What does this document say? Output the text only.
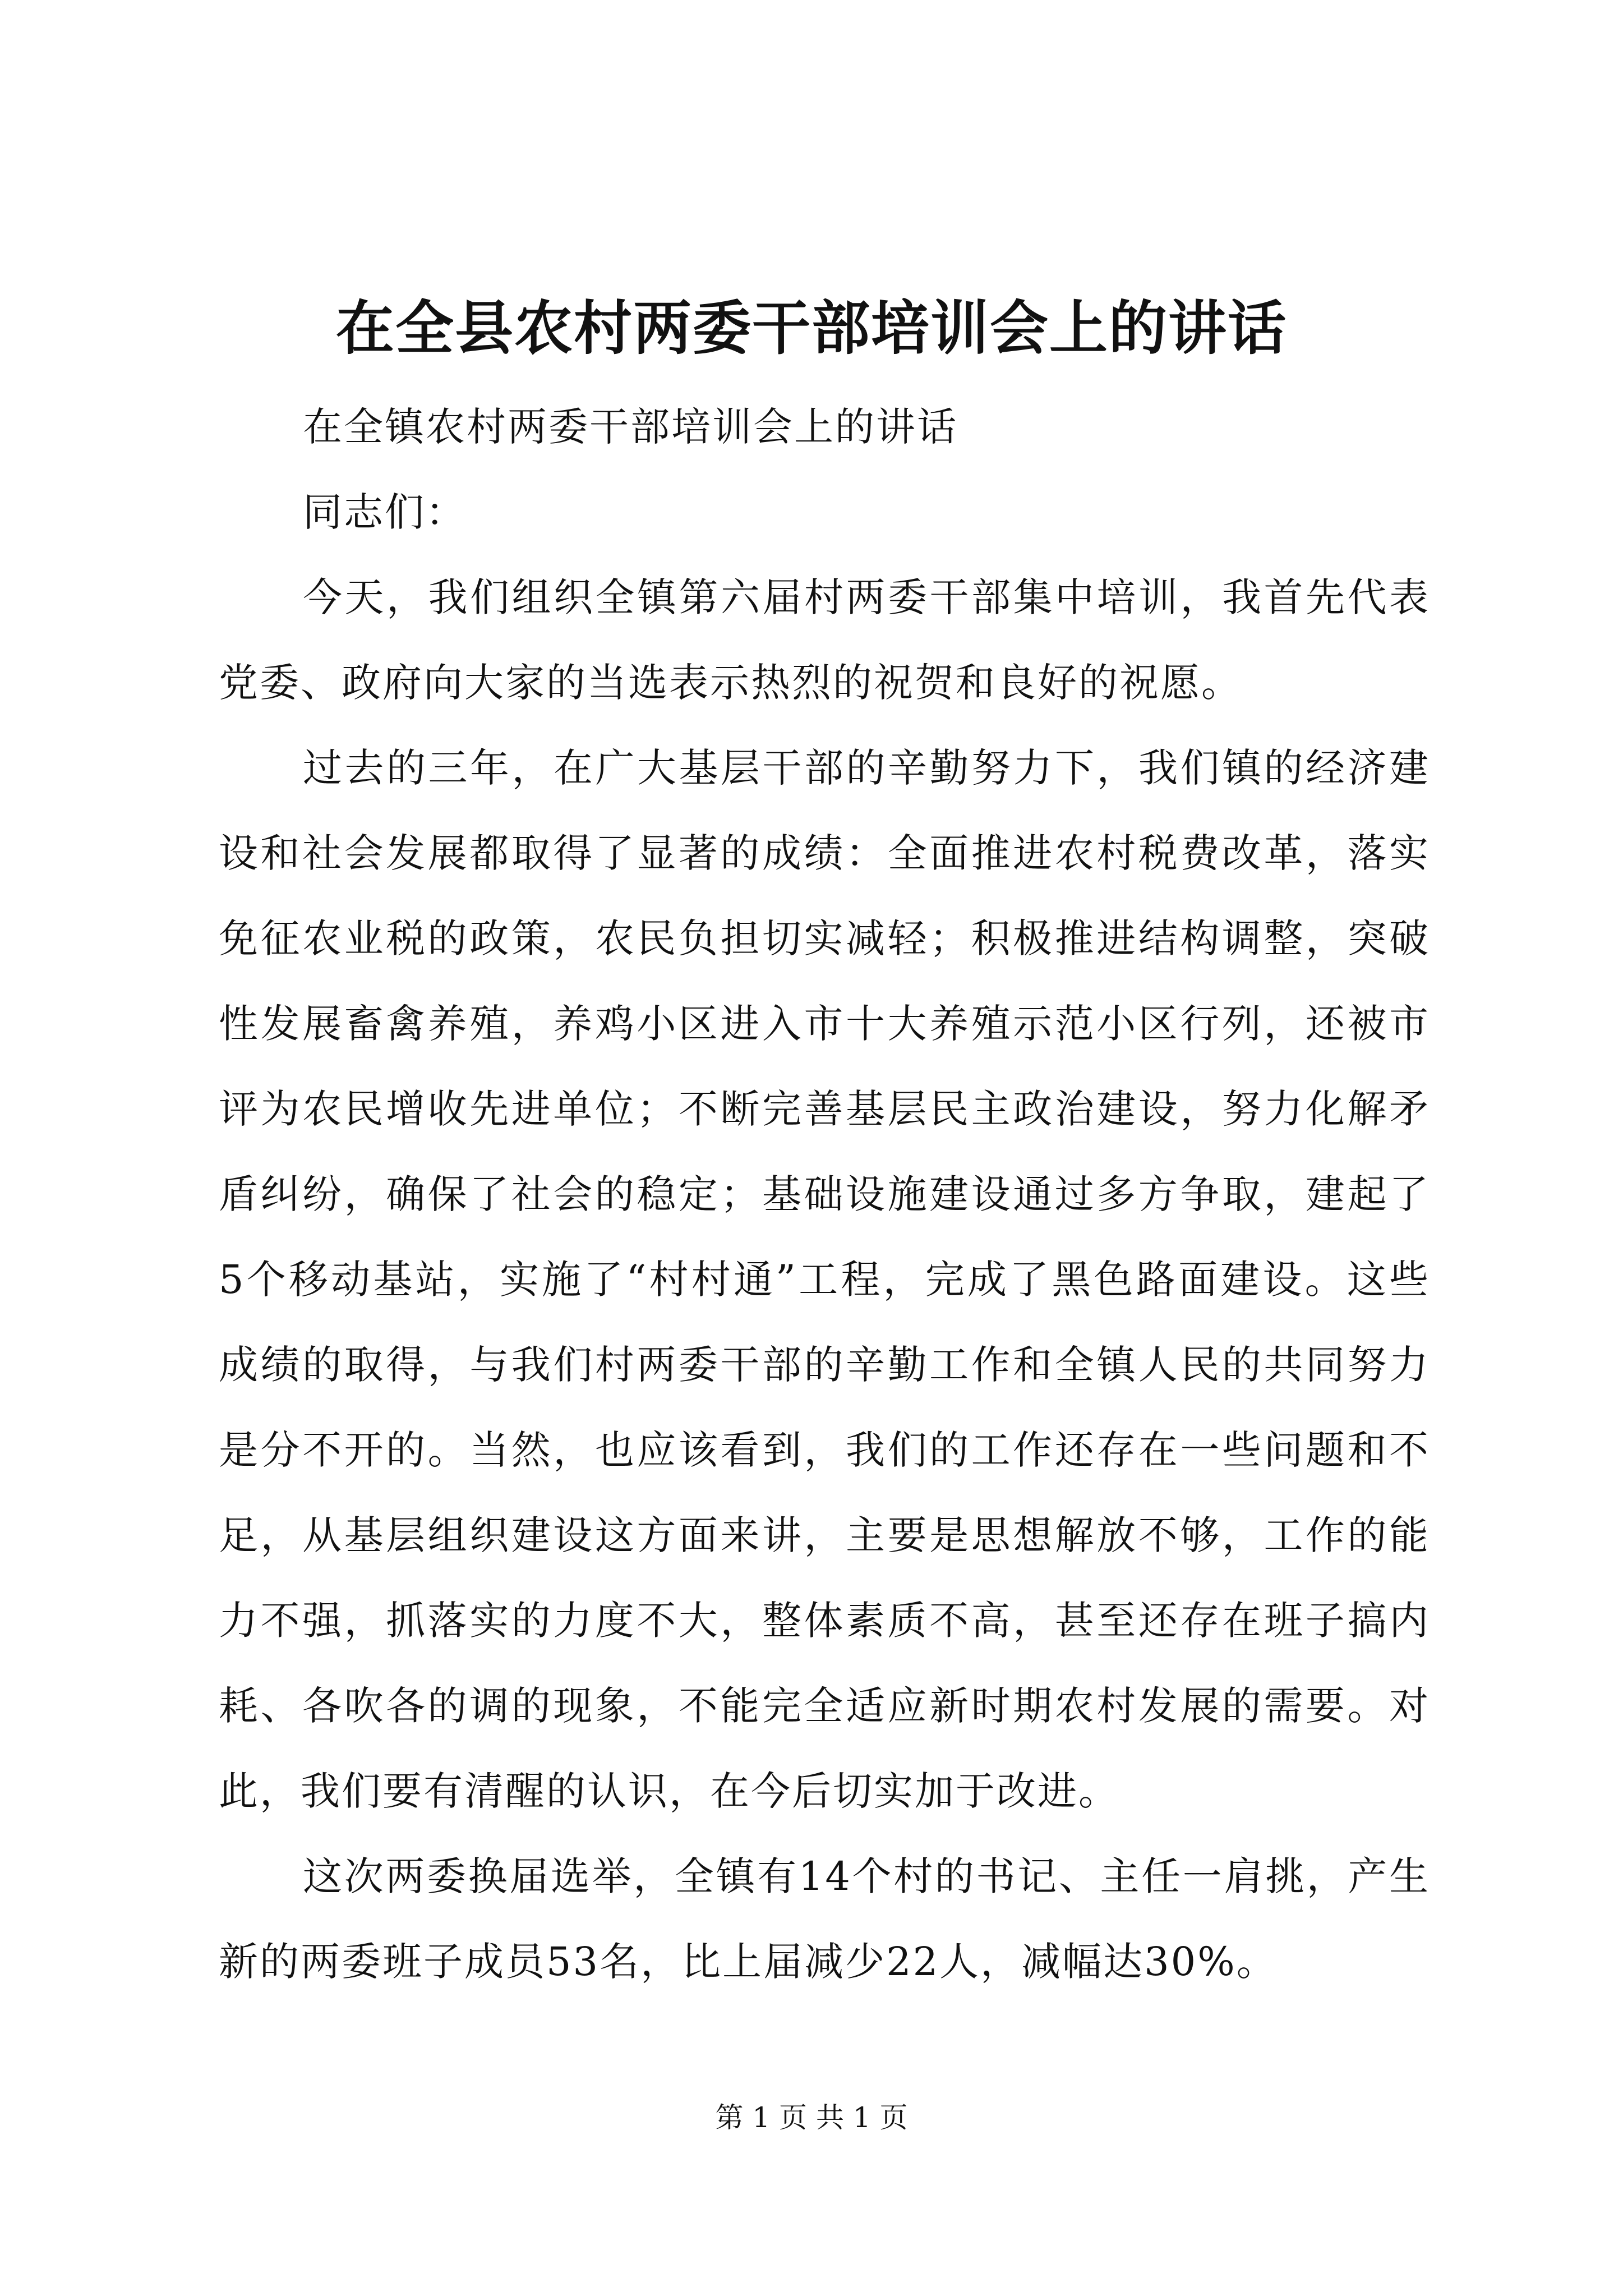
在全县农村两委干部培训会上的讲话

在全镇农村两委干部培训会上的讲话

同志们：

今天，我们组织全镇第六届村两委干部集中培训，我首先代表党委、政府向大家的当选表示热烈的祝贺和良好的祝愿。

过去的三年，在广大基层干部的辛勤努力下，我们镇的经济建设和社会发展都取得了显著的成绩：全面推进农村税费改革，落实免征农业税的政策，农民负担切实减轻；积极推进结构调整，突破性发展畜禽养殖，养鸡小区进入市十大养殖示范小区行列，还被市评为农民增收先进单位；不断完善基层民主政治建设，努力化解矛盾纠纷，确保了社会的稳定；基础设施建设通过多方争取，建起了5个移动基站，实施了“村村通”工程，完成了黑色路面建设。这些成绩的取得，与我们村两委干部的辛勤工作和全镇人民的共同努力是分不开的。当然，也应该看到，我们的工作还存在一些问题和不足，从基层组织建设这方面来讲，主要是思想解放不够，工作的能力不强，抓落实的力度不大，整体素质不高，甚至还存在班子搞内耗、各吹各的调的现象，不能完全适应新时期农村发展的需要。对此，我们要有清醒的认识，在今后切实加于改进。

这次两委换届选举，全镇有14个村的书记、主任一肩挑，产生新的两委班子成员53名，比上届减少22人，减幅达30%。

第 1 页 共 1 页
